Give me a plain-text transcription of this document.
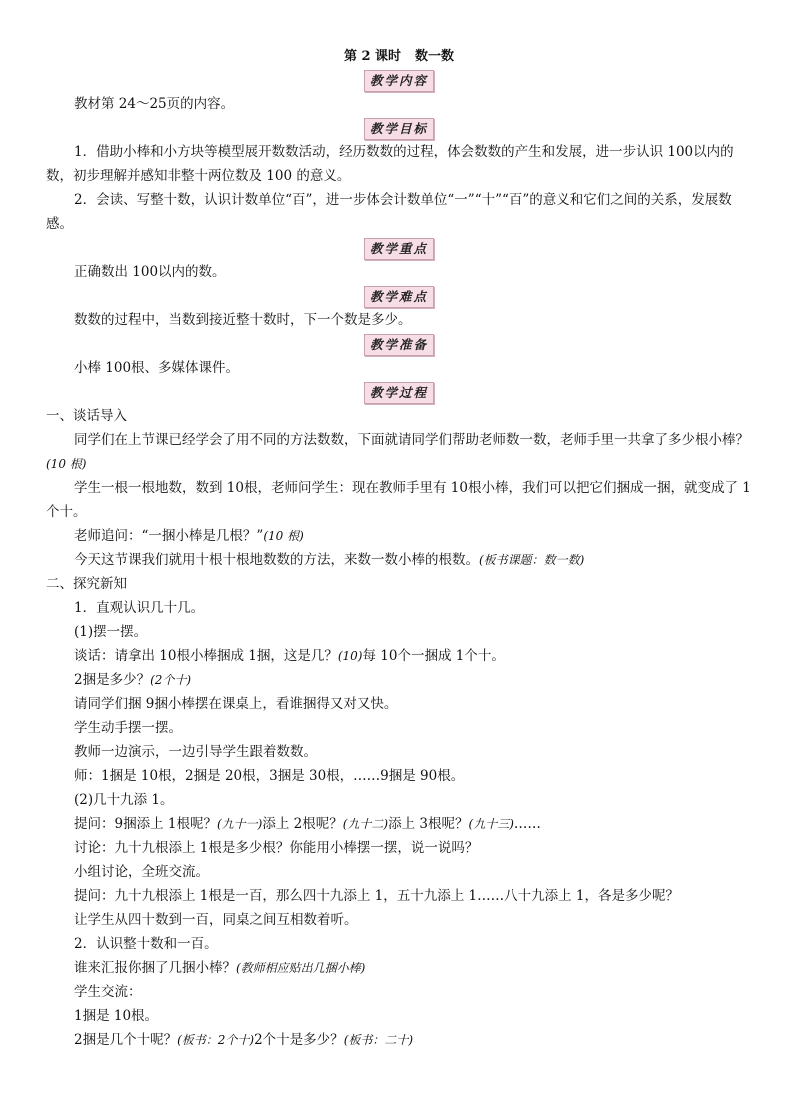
第 2 课时 数一数
教学内容

教材第 24～25页的内容。

教学目标

1．借助小棒和小方块等模型展开数数活动，经历数数的过程，体会数数的产生和发展，进一步认识 100以内的数，初步理解并感知非整十两位数及 100 的意义。

2．会读、写整十数，认识计数单位“百”，进一步体会计数单位“一”“十”“百”的意义和它们之间的关系，发展数感。

教学重点

正确数出 100以内的数。

教学难点

数数的过程中，当数到接近整十数时，下一个数是多少。

教学准备

小棒 100根、多媒体课件。

教学过程

一、谈话导入

同学们在上节课已经学会了用不同的方法数数，下面就请同学们帮助老师数一数，老师手里一共拿了多少根小棒？(10 根)

学生一根一根地数，数到 10根，老师问学生：现在教师手里有 10根小棒，我们可以把它们捆成一捆，就变成了 1个十。

老师追问：“一捆小棒是几根？”(10 根)

今天这节课我们就用十根十根地数数的方法，来数一数小棒的根数。(板书课题：数一数)

二、探究新知

1．直观认识几十几。

(1)摆一摆。

谈话：请拿出 10根小棒捆成 1捆，这是几？(10)每 10个一捆成 1个十。

2捆是多少？(2个十)

请同学们捆 9捆小棒摆在课桌上，看谁捆得又对又快。

学生动手摆一摆。

教师一边演示，一边引导学生跟着数数。

师：1捆是 10根，2捆是 20根，3捆是 30根，……9捆是 90根。

(2)几十九添 1。

提问：9捆添上 1根呢？(九十一)添上 2根呢？(九十二)添上 3根呢？(九十三)……

讨论：九十九根添上 1根是多少根？你能用小棒摆一摆，说一说吗？

小组讨论，全班交流。

提问：九十九根添上 1根是一百，那么四十九添上 1，五十九添上 1……八十九添上 1，各是多少呢？

让学生从四十数到一百，同桌之间互相数着听。

2．认识整十数和一百。

谁来汇报你捆了几捆小棒？(教师相应贴出几捆小棒)

学生交流：

1捆是 10根。

2捆是几个十呢？(板书：2个十)2个十是多少？(板书：二十)
